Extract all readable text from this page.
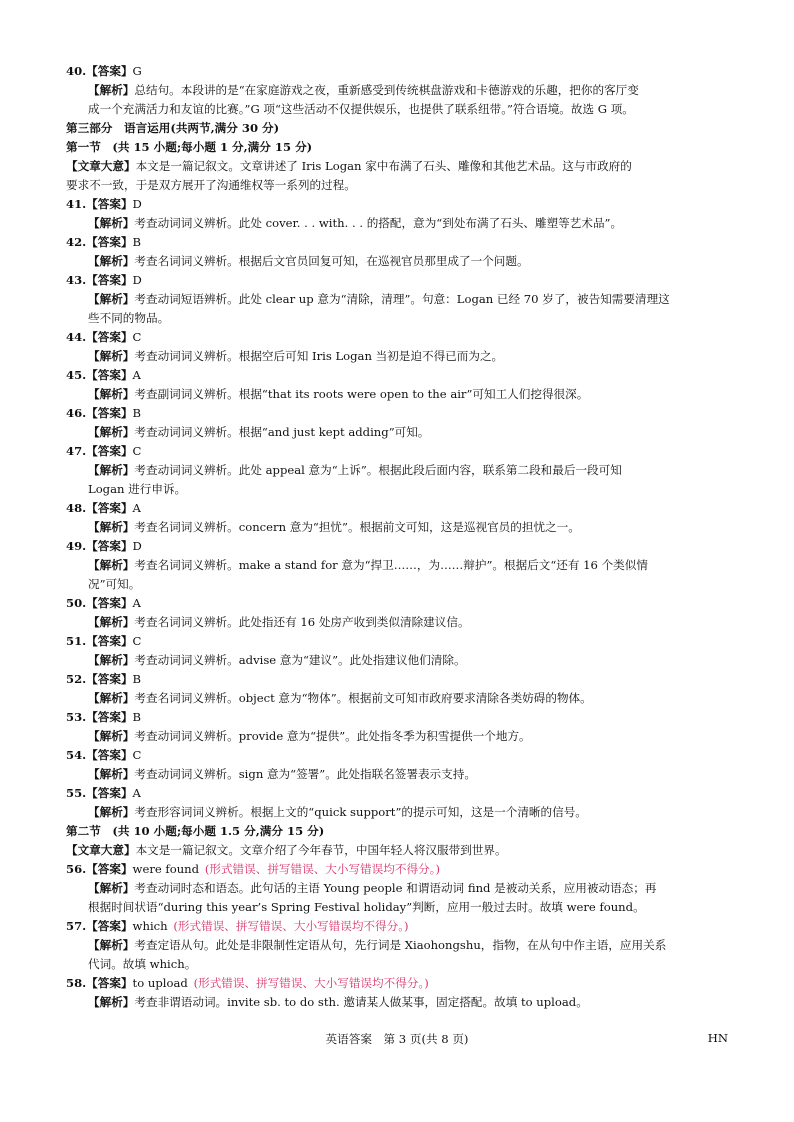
40.【答案】G
【解析】总结句。本段讲的是“在家庭游戏之夜，重新感受到传统棋盘游戏和卡德游戏的乐趣，把你的客厅变
成一个充满活力和友谊的比赛。”G 项“这些活动不仅提供娱乐，也提供了联系纽带。”符合语境。故选 G 项。
第三部分　语言运用(共两节,满分 30 分)
第一节　(共 15 小题;每小题 1 分,满分 15 分)
【文章大意】本文是一篇记叙文。文章讲述了 Iris Logan 家中布满了石头、雕像和其他艺术品。这与市政府的
要求不一致，于是双方展开了沟通维权等一系列的过程。
41.【答案】D
【解析】考查动词词义辨析。此处 cover. . . with. . . 的搭配，意为“到处布满了石头、雕塑等艺术品”。
42.【答案】B
【解析】考查名词词义辨析。根据后文官员回复可知，在巡视官员那里成了一个问题。
43.【答案】D
【解析】考查动词短语辨析。此处 clear up 意为“清除，清理”。句意：Logan 已经 70 岁了，被告知需要清理这
些不同的物品。
44.【答案】C
【解析】考查动词词义辨析。根据空后可知 Iris Logan 当初是迫不得已而为之。
45.【答案】A
【解析】考查副词词义辨析。根据“that its roots were open to the air”可知工人们挖得很深。
46.【答案】B
【解析】考查动词词义辨析。根据“and just kept adding”可知。
47.【答案】C
【解析】考查动词词义辨析。此处 appeal 意为“上诉”。根据此段后面内容，联系第二段和最后一段可知
Logan 进行申诉。
48.【答案】A
【解析】考查名词词义辨析。concern 意为“担忧”。根据前文可知，这是巡视官员的担忧之一。
49.【答案】D
【解析】考查名词词义辨析。make a stand for 意为“捍卫……，为……辩护”。根据后文“还有 16 个类似情
况”可知。
50.【答案】A
【解析】考查名词词义辨析。此处指还有 16 处房产收到类似清除建议信。
51.【答案】C
【解析】考查动词词义辨析。advise 意为“建议”。此处指建议他们清除。
52.【答案】B
【解析】考查名词词义辨析。object 意为“物体”。根据前文可知市政府要求清除各类妨碍的物体。
53.【答案】B
【解析】考查动词词义辨析。provide 意为“提供”。此处指冬季为积雪提供一个地方。
54.【答案】C
【解析】考查动词词义辨析。sign 意为“签署”。此处指联名签署表示支持。
55.【答案】A
【解析】考查形容词词义辨析。根据上文的“quick support”的提示可知，这是一个清晰的信号。
第二节　(共 10 小题;每小题 1.5 分,满分 15 分)
【文章大意】本文是一篇记叙文。文章介绍了今年春节，中国年轻人将汉服带到世界。
56.【答案】were found  (形式错误、拼写错误、大小写错误均不得分。)
【解析】考查动词时态和语态。此句话的主语 Young people 和谓语动词 find 是被动关系，应用被动语态；再
根据时间状语“during this year’s Spring Festival holiday”判断，应用一般过去时。故填 were found。
57.【答案】which  (形式错误、拼写错误、大小写错误均不得分。)
【解析】考查定语从句。此处是非限制性定语从句，先行词是 Xiaohongshu，指物，在从句中作主语，应用关系
代词。故填 which。
58.【答案】to upload  (形式错误、拼写错误、大小写错误均不得分。)
【解析】考查非谓语动词。invite sb. to do sth. 邀请某人做某事，固定搭配。故填 to upload。
英语答案　第 3 页(共 8 页)	HN
